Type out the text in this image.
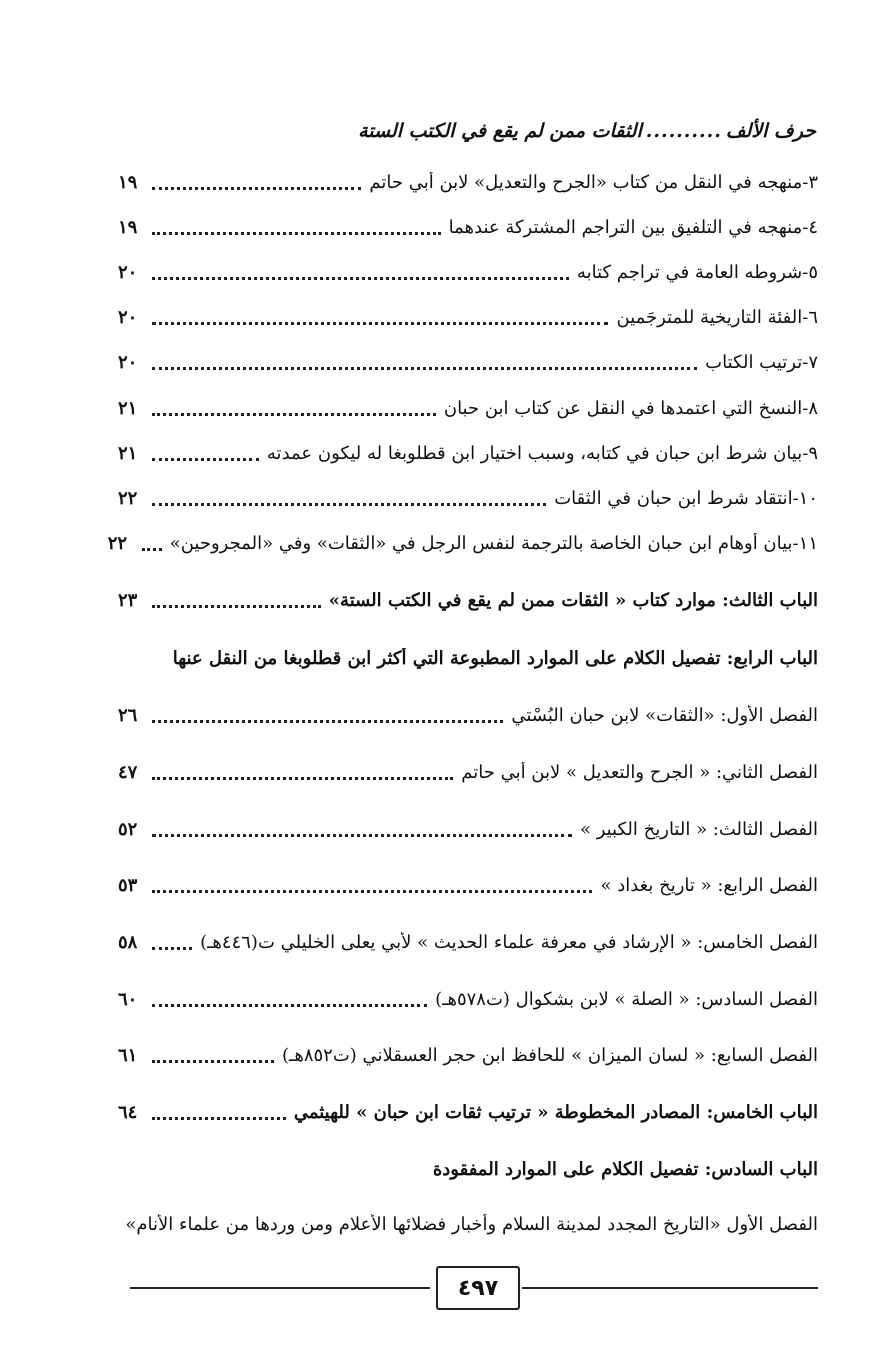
حرف الألف
..........
الثقات ممن لم يقع في الكتب الستة
٣-منهجه في النقل من كتاب «الجرح والتعديل» لابن أبي حاتم
١٩
٤-منهجه في التلفيق بين التراجم المشتركة عندهما
١٩
٥-شروطه العامة في تراجم كتابه
٢٠
٦-الفئة التاريخية للمترجَمين
٢٠
٧-ترتيب الكتاب
٢٠
٨-النسخ التي اعتمدها في النقل عن كتاب ابن حبان
٢١
٩-بيان شرط ابن حبان في كتابه، وسبب اختيار ابن قطلوبغا له ليكون عمدته
٢١
١٠-انتقاد شرط ابن حبان في الثقات
٢٢
١١-بيان أوهام ابن حبان الخاصة بالترجمة لنفس الرجل في «الثقات» وفي «المجروحين»
٢٢
الباب الثالث: موارد كتاب « الثقات ممن لم يقع في الكتب الستة»
٢٣
الباب الرابع: تفصيل الكلام على الموارد المطبوعة التي أكثر ابن قطلوبغا من النقل عنها
الفصل الأول: «الثقات» لابن حبان البُسْتي
٢٦
الفصل الثاني: « الجرح والتعديل » لابن أبي حاتم
٤٧
الفصل الثالث: « التاريخ الكبير »
٥٢
الفصل الرابع: « تاريخ بغداد »
٥٣
الفصل الخامس: « الإرشاد في معرفة علماء الحديث » لأبي يعلى الخليلي ت(٤٤٦هـ)
٥٨
الفصل السادس: « الصلة » لابن بشكوال (ت٥٧٨هـ)
٦٠
الفصل السابع: « لسان الميزان » للحافظ ابن حجر العسقلاني (ت٨٥٢هـ)
٦١
الباب الخامس: المصادر المخطوطة « ترتيب ثقات ابن حبان » للهيثمي
٦٤
الباب السادس: تفصيل الكلام على الموارد المفقودة
الفصل الأول «التاريخ المجدد لمدينة السلام وأخبار فضلائها الأعلام ومن وردها من علماء الأنام»
٤٩٧
